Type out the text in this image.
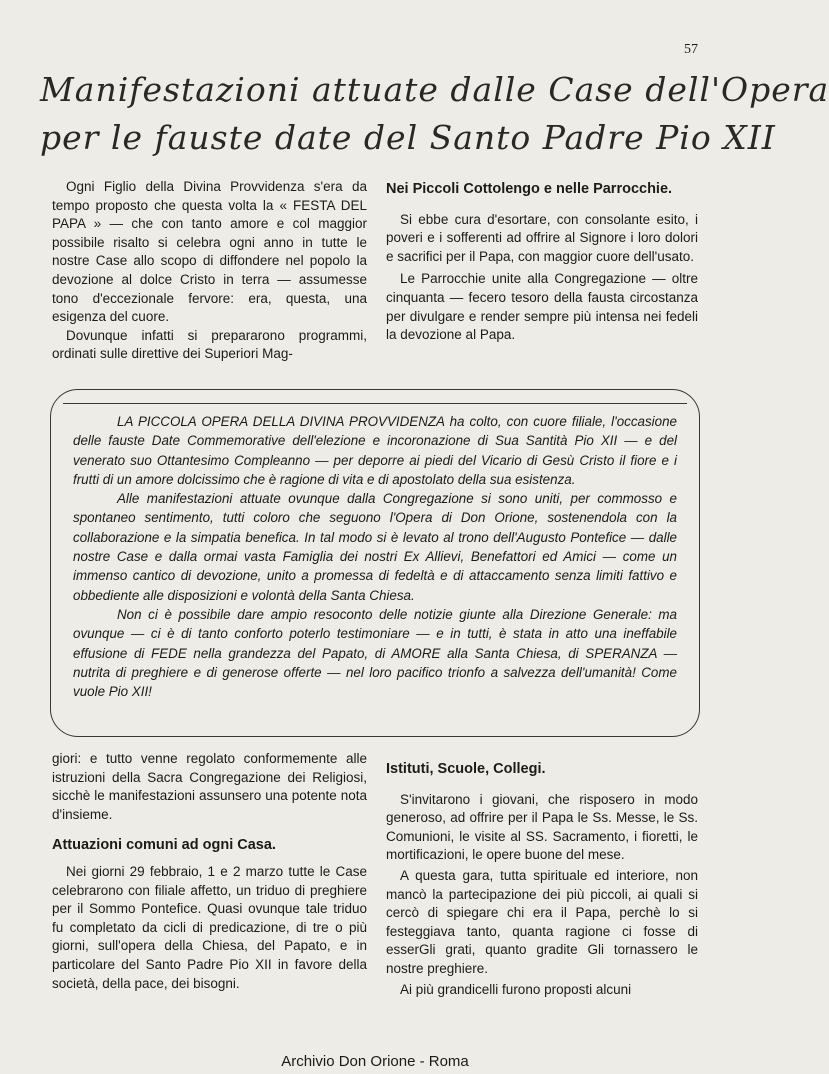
57
Manifestazioni attuate dalle Case dell'Opera
per le fauste date del Santo Padre Pio XII

Ogni Figlio della Divina Provvidenza s'era da tempo proposto che questa volta la « FESTA DEL PAPA » — che con tanto amore e col maggior possibile risalto si celebra ogni anno in tutte le nostre Case allo scopo di diffondere nel popolo la devozione al dolce Cristo in terra — assumesse tono d'eccezionale fervore: era, questa, una esigenza del cuore.

Dovunque infatti si prepararono programmi, ordinati sulle direttive dei Superiori Mag-

Nei Piccoli Cottolengo e nelle Parrocchie.

Si ebbe cura d'esortare, con consolante esito, i poveri e i sofferenti ad offrire al Signore i loro dolori e sacrifici per il Papa, con maggior cuore dell'usato.

Le Parrocchie unite alla Congregazione — oltre cinquanta — fecero tesoro della fausta circostanza per divulgare e render sempre più intensa nei fedeli la devozione al Papa.

LA PICCOLA OPERA DELLA DIVINA PROVVIDENZA ha colto, con cuore filiale, l'occasione delle fauste Date Commemorative dell'elezione e incoronazione di Sua Santità Pio XII — e del venerato suo Ottantesimo Compleanno — per deporre ai piedi del Vicario di Gesù Cristo il fiore e i frutti di un amore dolcissimo che è ragione di vita e di apostolato della sua esistenza.

Alle manifestazioni attuate ovunque dalla Congregazione si sono uniti, per commosso e spontaneo sentimento, tutti coloro che seguono l'Opera di Don Orione, sostenendola con la collaborazione e la simpatia benefica. In tal modo si è levato al trono dell'Augusto Pontefice — dalle nostre Case e dalla ormai vasta Famiglia dei nostri Ex Allievi, Benefattori ed Amici — come un immenso cantico di devozione, unito a promessa di fedeltà e di attaccamento senza limiti fattivo e obbediente alle disposizioni e volontà della Santa Chiesa.

Non ci è possibile dare ampio resoconto delle notizie giunte alla Direzione Generale: ma ovunque — ci è di tanto conforto poterlo testimoniare — e in tutti, è stata in atto una ineffabile effusione di FEDE nella grandezza del Papato, di AMORE alla Santa Chiesa, di SPERANZA — nutrita di preghiere e di generose offerte — nel loro pacifico trionfo a salvezza dell'umanità! Come vuole Pio XII!

giori: e tutto venne regolato conformemente alle istruzioni della Sacra Congregazione dei Religiosi, sicchè le manifestazioni assunsero una potente nota d'insieme.

Attuazioni comuni ad ogni Casa.

Nei giorni 29 febbraio, 1 e 2 marzo tutte le Case celebrarono con filiale affetto, un triduo di preghiere per il Sommo Pontefice. Quasi ovunque tale triduo fu completato da cicli di predicazione, di tre o più giorni, sull'opera della Chiesa, del Papato, e in particolare del Santo Padre Pio XII in favore della società, della pace, dei bisogni.

Istituti, Scuole, Collegi.

S'invitarono i giovani, che risposero in modo generoso, ad offrire per il Papa le Ss. Messe, le Ss. Comunioni, le visite al SS. Sacramento, i fioretti, le mortificazioni, le opere buone del mese.

A questa gara, tutta spirituale ed interiore, non mancò la partecipazione dei più piccoli, ai quali si cercò di spiegare chi era il Papa, perchè lo si festeggiava tanto, quanta ragione ci fosse di esserGli grati, quanto gradite Gli tornassero le nostre preghiere.

Ai più grandicelli furono proposti alcuni

Archivio Don Orione - Roma
